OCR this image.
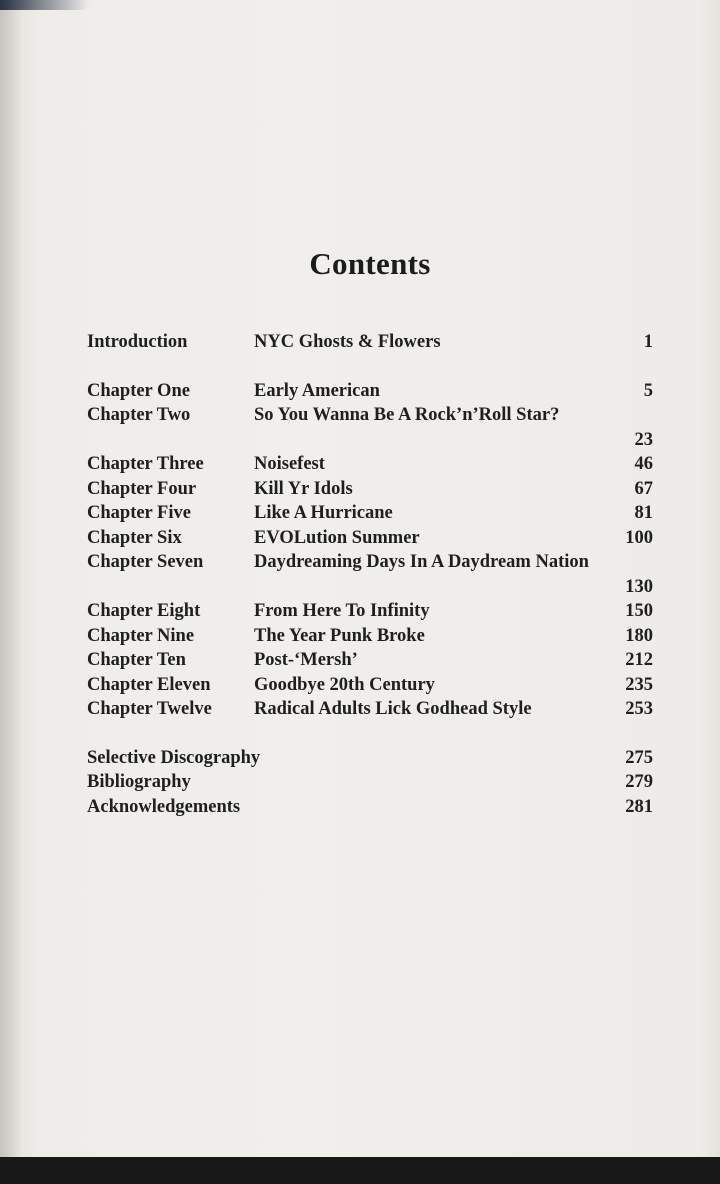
Contents
Introduction	NYC Ghosts & Flowers	1
Chapter One	Early American	5
Chapter Two	So You Wanna Be A Rock’n’Roll Star?
23
Chapter Three	Noisefest	46
Chapter Four	Kill Yr Idols	67
Chapter Five	Like A Hurricane	81
Chapter Six	EVOLution Summer	100
Chapter Seven	Daydreaming Days In A Daydream Nation
130
Chapter Eight	From Here To Infinity	150
Chapter Nine	The Year Punk Broke	180
Chapter Ten	Post-‘Mersh’	212
Chapter Eleven Goodbye 20th Century	235
Chapter Twelve Radical Adults Lick Godhead Style	253
Selective Discography	275
Bibliography	279
Acknowledgements	281
